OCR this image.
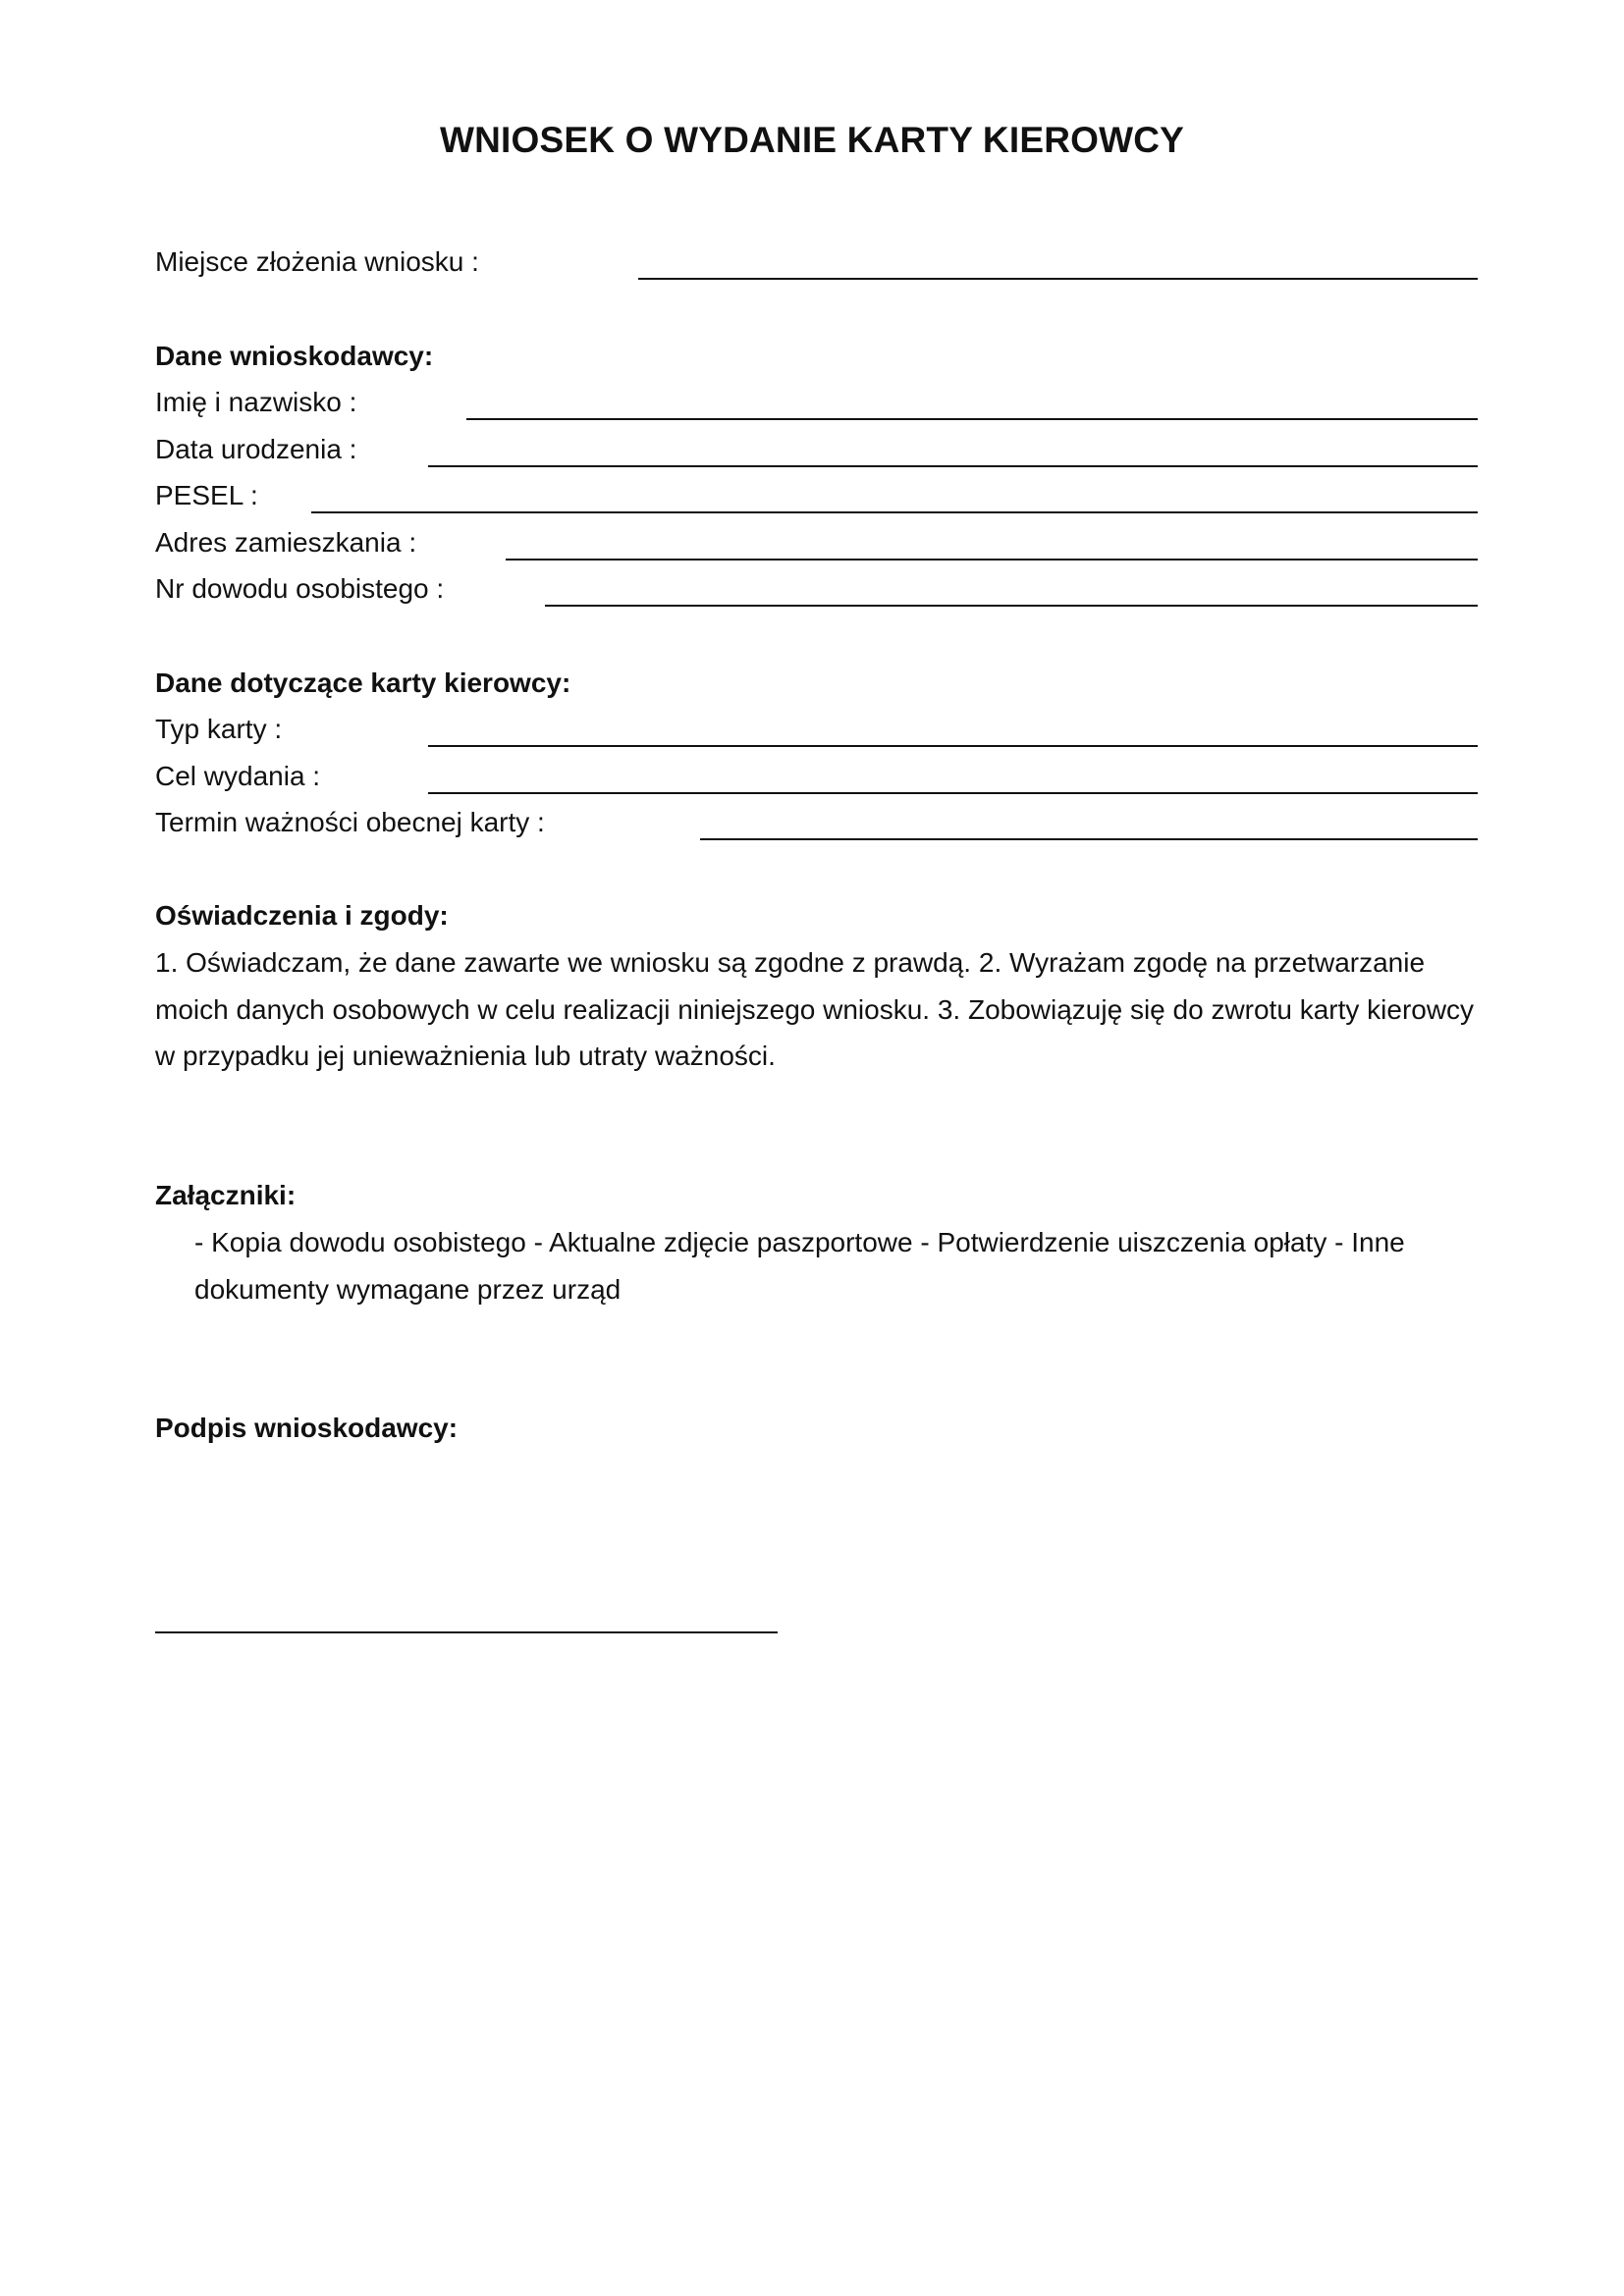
WNIOSEK O WYDANIE KARTY KIEROWCY
Miejsce złożenia wniosku :
Dane wnioskodawcy:
Imię i nazwisko :
Data urodzenia :
PESEL :
Adres zamieszkania :
Nr dowodu osobistego :
Dane dotyczące karty kierowcy:
Typ karty :
Cel wydania :
Termin ważności obecnej karty :
Oświadczenia i zgody:
1. Oświadczam, że dane zawarte we wniosku są zgodne z prawdą. 2. Wyrażam zgodę na przetwarzanie moich danych osobowych w celu realizacji niniejszego wniosku. 3. Zobowiązuję się do zwrotu karty kierowcy w przypadku jej unieważnienia lub utraty ważności.
Załączniki:
- Kopia dowodu osobistego - Aktualne zdjęcie paszportowe - Potwierdzenie uiszczenia opłaty - Inne dokumenty wymagane przez urząd
Podpis wnioskodawcy:
